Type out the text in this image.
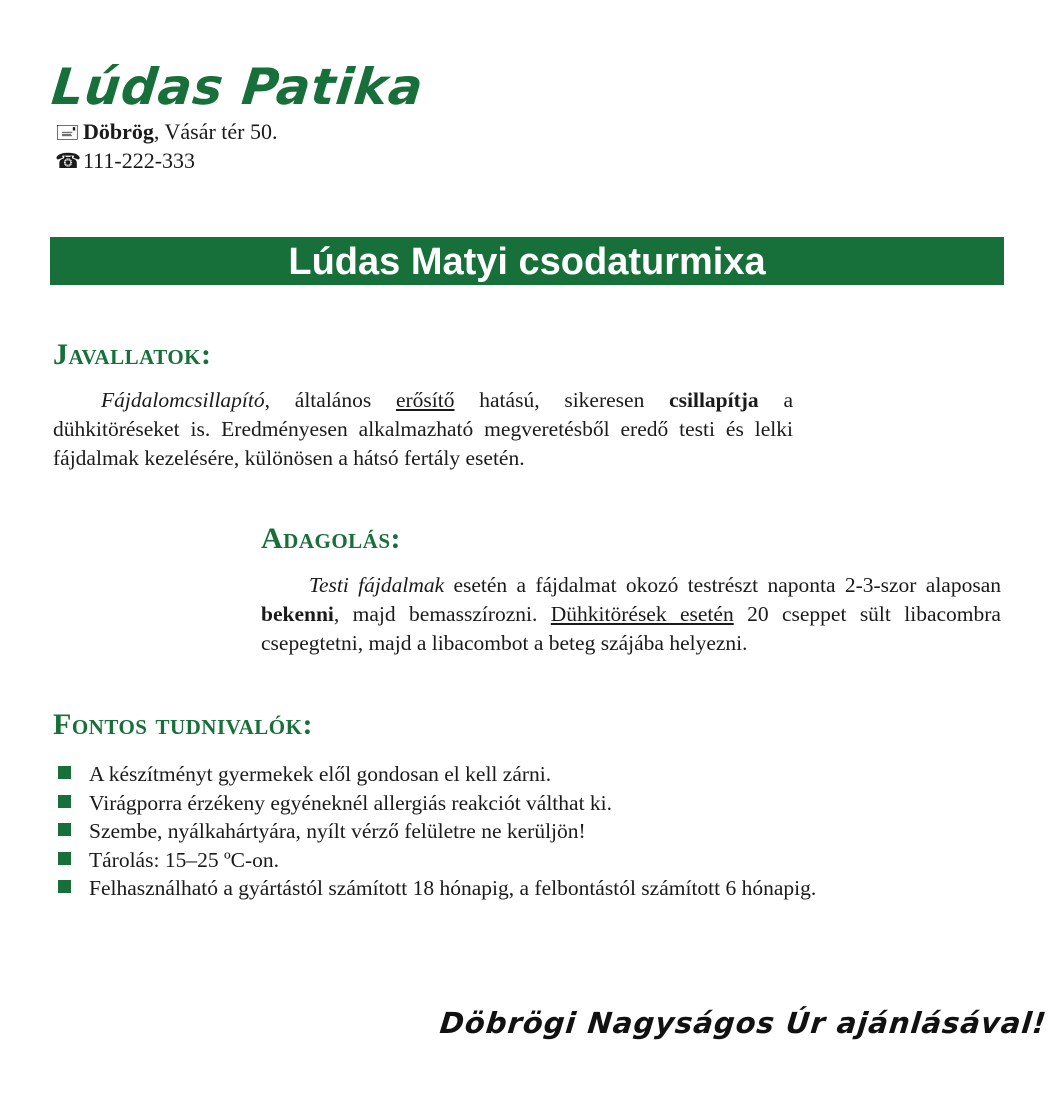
Lúdas Patika
🖃 Döbrög, Vásár tér 50.
☎111-222-333
Lúdas Matyi csodaturmixa
Javallatok:

Fájdalomcsillapító, általános erősítő hatású, sikeresen csillapítja a dühkitöréseket is. Eredményesen alkalmazható megveretésből eredő testi és lelki fájdalmak kezelésére, különösen a hátsó fertály esetén.

Adagolás:

Testi fájdalmak esetén a fájdalmat okozó testrészt naponta 2-3-szor alaposan bekenni, majd bemasszírozni. Dühkitörések esetén 20 cseppet sült libacombra csepegtetni, majd a libacombot a beteg szájába helyezni.

Fontos tudnivalók:
A készítményt gyermekek elől gondosan el kell zárni.
Virágporra érzékeny egyéneknél allergiás reakciót válthat ki.
Szembe, nyálkahártyára, nyílt vérző felületre ne kerüljön!
Tárolás: 15–25 ºC-on.
Felhasználható a gyártástól számított 18 hónapig, a felbontástól számított 6 hónapig.
Döbrögi Nagyságos Úr ajánlásával!
